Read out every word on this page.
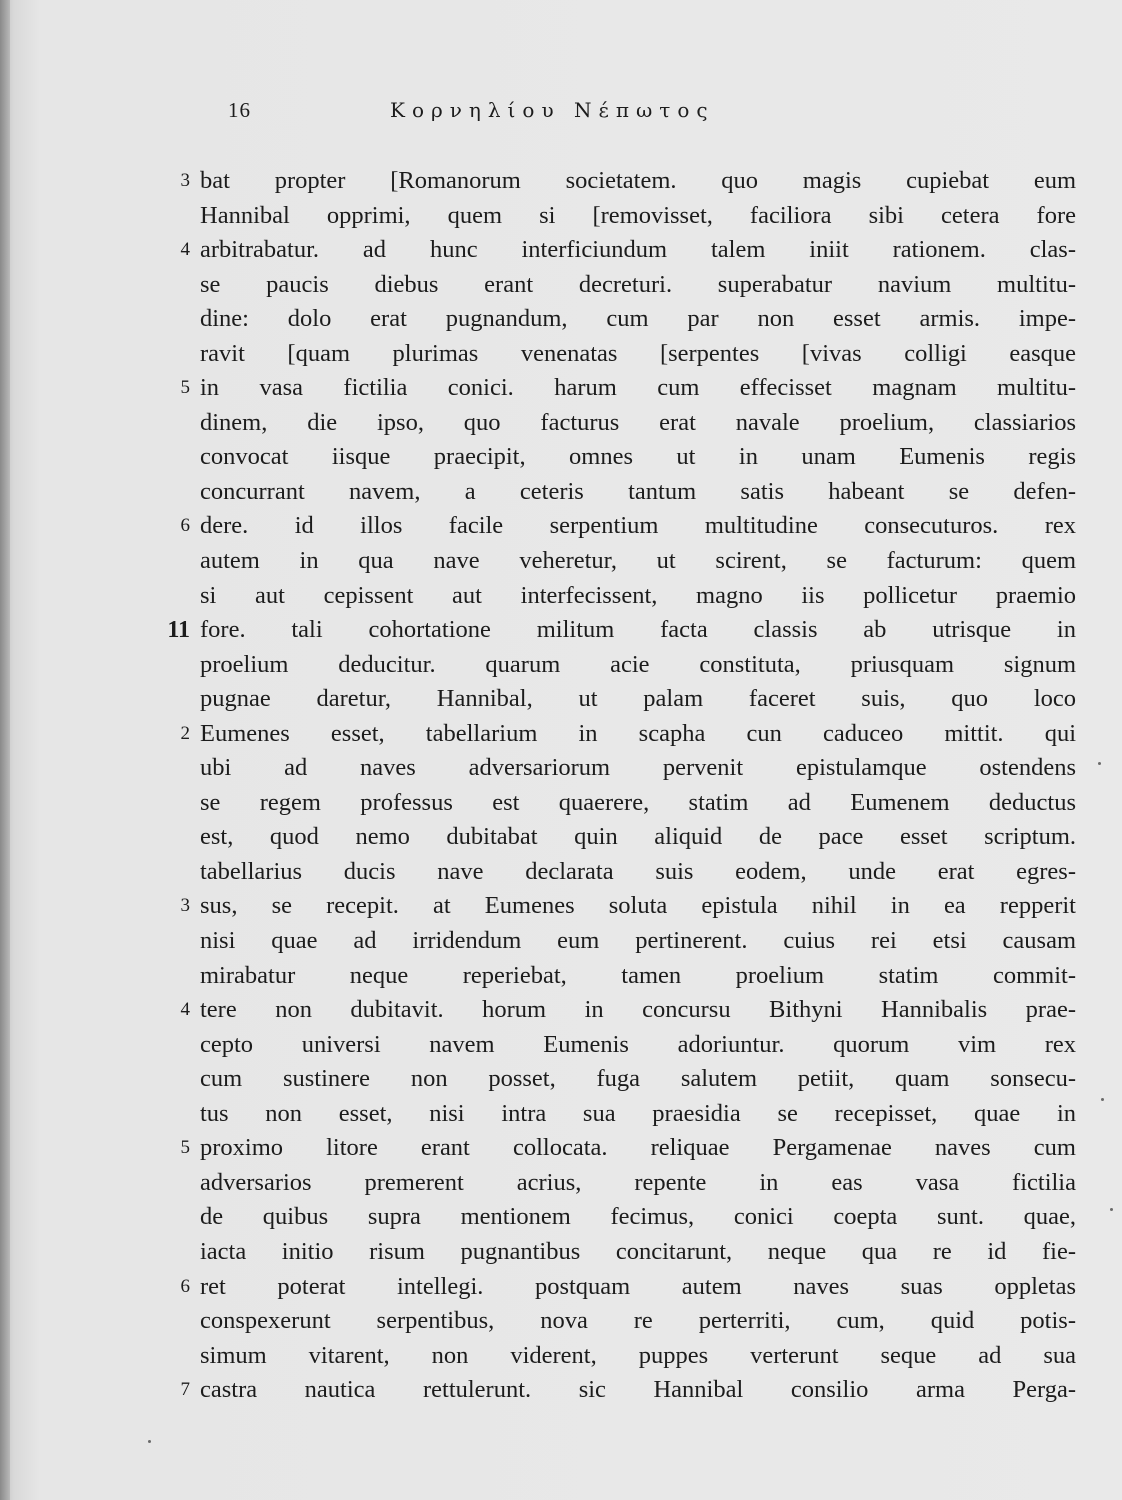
16	Κορνηλίου Νέπωτος
3 bat propter [Romanorum societatem. quo magis cupiebat eum
Hannibal opprimi, quem si [removisset, faciliora sibi cetera fore
4 arbitrabatur. ad hunc interficiundum talem iniit rationem. clas-
se paucis diebus erant decreturi. superabatur navium multitu-
dine: dolo erat pugnandum, cum par non esset armis. impe-
ravit [quam plurimas venenatas [serpentes [vivas colligi easque
5 in vasa fictilia conici. harum cum effecisset magnam multitu-
dinem, die ipso, quo facturus erat navale proelium, classiarios
convocat iisque praecipit, omnes ut in unam Eumenis regis
concurrant navem, a ceteris tantum satis habeant se defen-
6 dere. id illos facile serpentium multitudine consecuturos. rex
autem in qua nave veheretur, ut scirent, se facturum: quem
si aut cepissent aut interfecissent, magno iis pollicetur praemio
11 fore. tali cohortatione militum facta classis ab utrisque in
proelium deducitur. quarum acie constituta, priusquam signum
pugnae daretur, Hannibal, ut palam faceret suis, quo loco
2 Eumenes esset, tabellarium in scapha cun caduceo mittit. qui
ubi ad naves adversariorum pervenit epistulamque ostendens
se regem professus est quaerere, statim ad Eumenem deductus
est, quod nemo dubitabat quin aliquid de pace esset scriptum.
tabellarius ducis nave declarata suis eodem, unde erat egres-
3 sus, se recepit. at Eumenes soluta epistula nihil in ea repperit
nisi quae ad irridendum eum pertinerent. cuius rei etsi causam
mirabatur neque reperiebat, tamen proelium statim commit-
4 tere non dubitavit. horum in concursu Bithyni Hannibalis prae-
cepto universi navem Eumenis adoriuntur. quorum vim rex
cum sustinere non posset, fuga salutem petiit, quam sonsecu-
tus non esset, nisi intra sua praesidia se recepisset, quae in
5 proximo litore erant collocata. reliquae Pergamenae naves cum
adversarios premerent acrius, repente in eas vasa fictilia
de quibus supra mentionem fecimus, conici coepta sunt. quae,
iacta initio risum pugnantibus concitarunt, neque qua re id fie-
6 ret poterat intellegi. postquam autem naves suas oppletas
conspexerunt serpentibus, nova re perterriti, cum, quid potis-
simum vitarent, non viderent, puppes verterunt seque ad sua
7 castra nautica rettulerunt. sic Hannibal consilio arma Perga-
